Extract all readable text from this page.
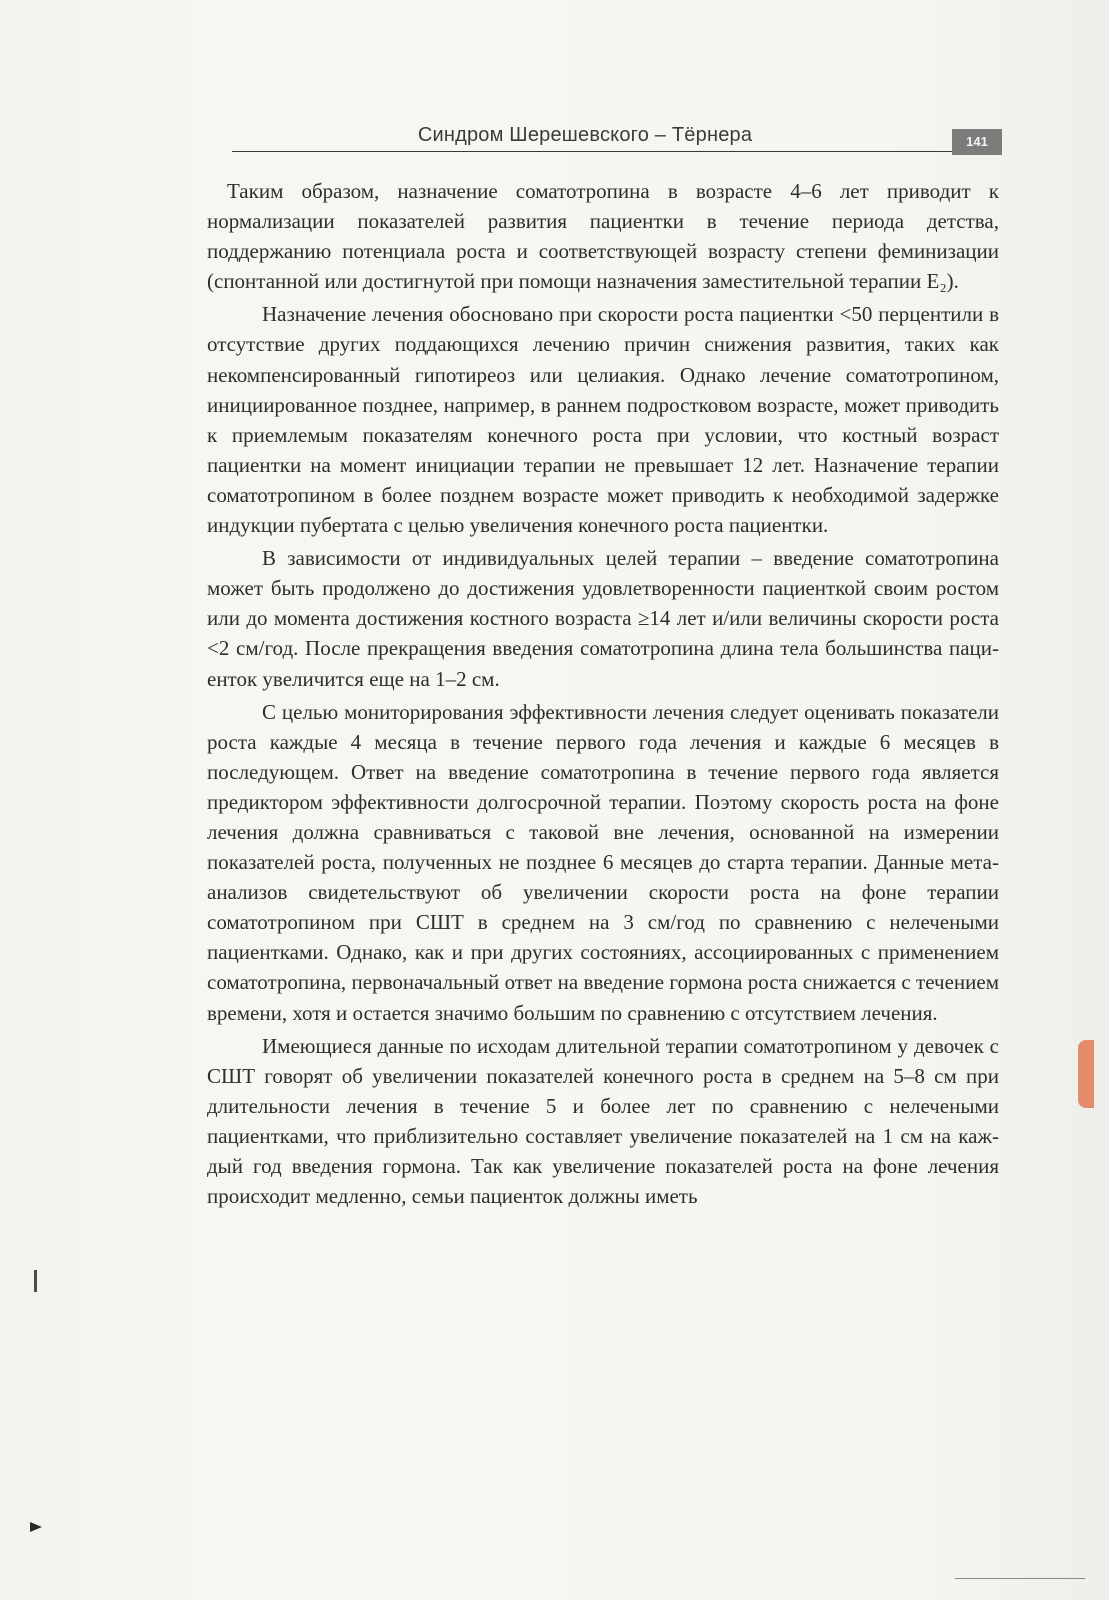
Синдром Шерешевского – Тёрнера	141

Таким образом, назначение соматотропина в возрасте 4–6 лет приводит к нормализации показателей развития пациентки в течение периода детства, поддержанию потенциала роста и соответствующей возрасту степени феминизации (спонтанной или достигнутой при помощи назначения заместительной терапии E₂).

Назначение лечения обосновано при скорости роста пациентки <50 перцентили в отсутствие других поддающихся лечению причин снижения развития, таких как некомпенсированный гипотиреоз или целиакия. Однако лечение соматотропином, инициированное позднее, например, в раннем подростковом возрасте, может приводить к приемлемым показателям конечного роста при условии, что костный возраст пациентки на момент инициации терапии не превышает 12 лет. Назначение терапии соматотропином в более позднем возрасте может приводить к необходимой задержке индукции пубертата с целью увеличения конечного роста пациентки.

В зависимости от индивидуальных целей терапии – введение соматотропина может быть продолжено до достижения удовлетворенности пациенткой своим ростом или до момента достижения костного возраста ≥14 лет и/или величины скорости роста <2 см/год. После прекращения введения соматотропина длина тела большинства пациенток увеличится еще на 1–2 см.

С целью мониторирования эффективности лечения следует оценивать показатели роста каждые 4 месяца в течение первого года лечения и каждые 6 месяцев в последующем. Ответ на введение соматотропина в течение первого года является предиктором эффективности долгосрочной терапии. Поэтому скорость роста на фоне лечения должна сравниваться с таковой вне лечения, основанной на измерении показателей роста, полученных не позднее 6 месяцев до старта терапии. Данные мета-анализов свидетельствуют об увеличении скорости роста на фоне терапии соматотропином при СШТ в среднем на 3 см/год по сравнению с нелечеными пациентками. Однако, как и при других состояниях, ассоциированных с применением соматотропина, первоначальный ответ на введение гормона роста снижается с течением времени, хотя и остается значимо большим по сравнению с отсутствием лечения.

Имеющиеся данные по исходам длительной терапии соматотропином у девочек с СШТ говорят об увеличении показателей конечного роста в среднем на 5–8 см при длительности лечения в течение 5 и более лет по сравнению с нелечеными пациентками, что приблизительно составляет увеличение показателей на 1 см на каждый год введения гормона. Так как увеличение показателей роста на фоне лечения происходит медленно, семьи пациенток должны иметь
